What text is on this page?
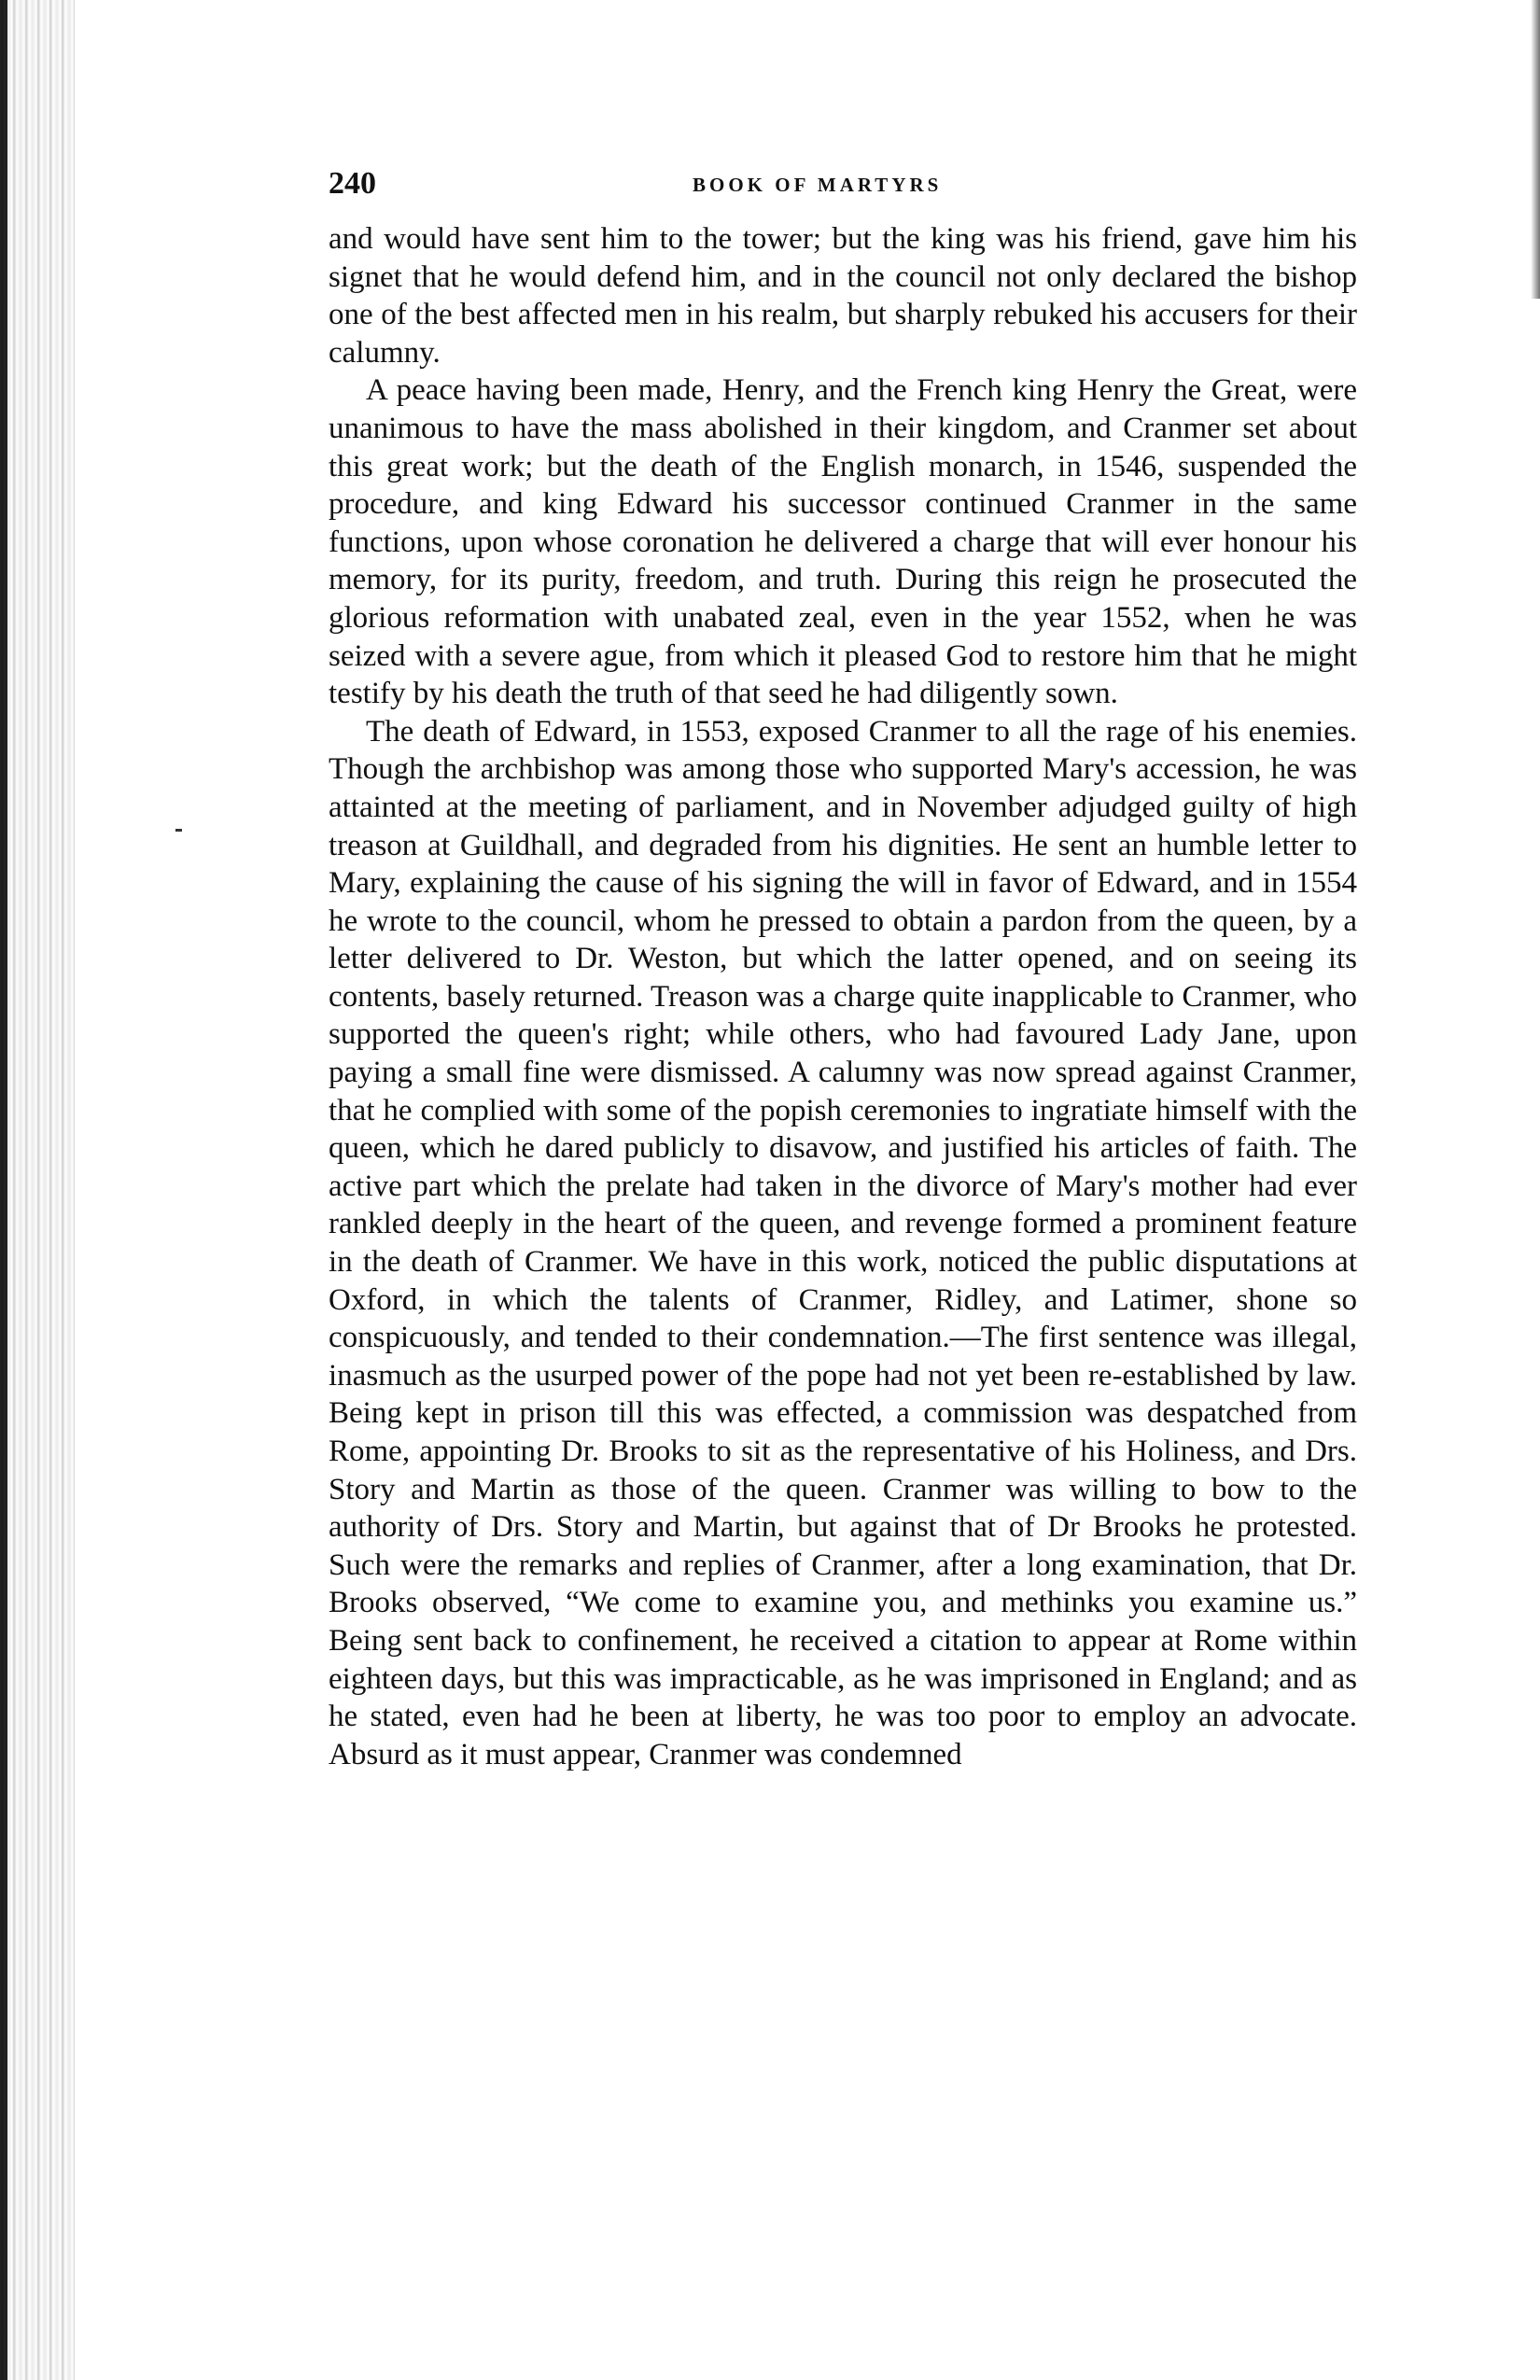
240	BOOK OF MARTYRS

and would have sent him to the tower; but the king was his friend, gave him his signet that he would defend him, and in the council not only declared the bishop one of the best affected men in his realm, but sharply rebuked his accusers for their calumny.

A peace having been made, Henry, and the French king Henry the Great, were unanimous to have the mass abolished in their kingdom, and Cranmer set about this great work; but the death of the English monarch, in 1546, suspended the procedure, and king Edward his successor continued Cranmer in the same functions, upon whose coronation he delivered a charge that will ever honour his memory, for its purity, freedom, and truth. During this reign he prosecuted the glorious reformation with unabated zeal, even in the year 1552, when he was seized with a severe ague, from which it pleased God to restore him that he might testify by his death the truth of that seed he had diligently sown.

The death of Edward, in 1553, exposed Cranmer to all the rage of his enemies. Though the archbishop was among those who supported Mary's accession, he was attainted at the meeting of parliament, and in November adjudged guilty of high treason at Guildhall, and degraded from his dignities. He sent an humble letter to Mary, explaining the cause of his signing the will in favor of Edward, and in 1554 he wrote to the council, whom he pressed to obtain a pardon from the queen, by a letter delivered to Dr. Weston, but which the latter opened, and on seeing its contents, basely returned. Treason was a charge quite inapplicable to Cranmer, who supported the queen's right; while others, who had favoured Lady Jane, upon paying a small fine were dismissed. A calumny was now spread against Cranmer, that he complied with some of the popish ceremonies to ingratiate himself with the queen, which he dared publicly to disavow, and justified his articles of faith. The active part which the prelate had taken in the divorce of Mary's mother had ever rankled deeply in the heart of the queen, and revenge formed a prominent feature in the death of Cranmer. We have in this work, noticed the public disputations at Oxford, in which the talents of Cranmer, Ridley, and Latimer, shone so conspicuously, and tended to their condemnation.—The first sentence was illegal, inasmuch as the usurped power of the pope had not yet been re-established by law. Being kept in prison till this was effected, a commission was despatched from Rome, appointing Dr. Brooks to sit as the representative of his Holiness, and Drs. Story and Martin as those of the queen. Cranmer was willing to bow to the authority of Drs. Story and Martin, but against that of Dr Brooks he protested. Such were the remarks and replies of Cranmer, after a long examination, that Dr. Brooks observed, “We come to examine you, and methinks you examine us.” Being sent back to confinement, he received a citation to appear at Rome within eighteen days, but this was impracticable, as he was imprisoned in England; and as he stated, even had he been at liberty, he was too poor to employ an advocate. Absurd as it must appear, Cranmer was condemned
